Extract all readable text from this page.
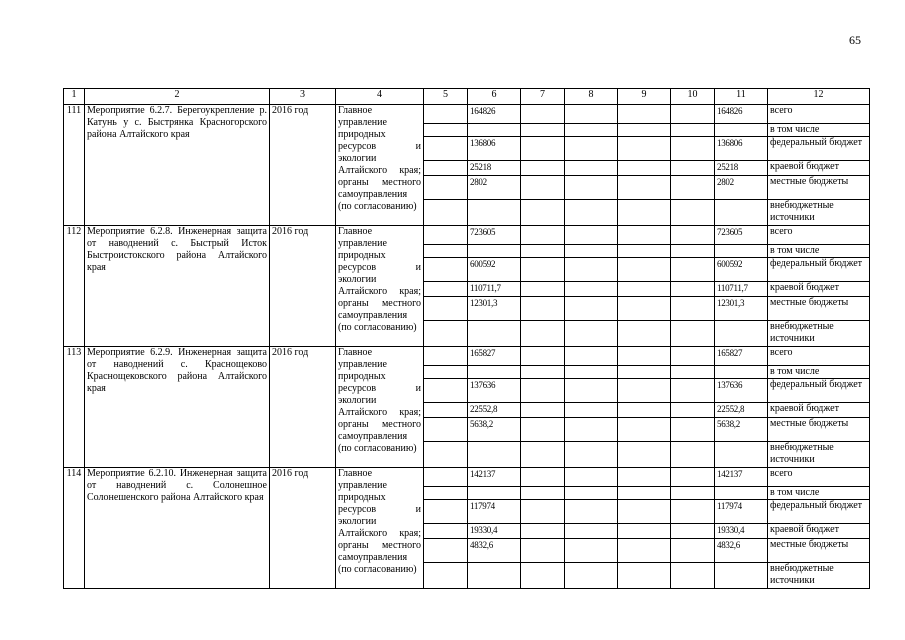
65
1	2	3	4	5	6	7	8	9	10	11	12
111	Мероприятие 6.2.7. Берегоукрепление р. Катунь у с. Быстрянка Красногорского района Алтайского края	2016 год	Главное управление природных ресурсов и экологии Алтайского края; органы местного самоуправления (по согласованию)		164826					164826	всего
											в том числе
					136806					136806	федеральный бюджет
					25218					25218	краевой бюджет
					2802					2802	местные бюджеты
											внебюджетные источники
112	Мероприятие 6.2.8. Инженерная защита от наводнений с. Быстрый Исток Быстроистокского района Алтайского края	2016 год	Главное управление природных ресурсов и экологии Алтайского края; органы местного самоуправления (по согласованию)		723605					723605	всего
											в том числе
					600592					600592	федеральный бюджет
					110711,7					110711,7	краевой бюджет
					12301,3					12301,3	местные бюджеты
											внебюджетные источники
113	Мероприятие 6.2.9. Инженерная защита от наводнений с. Краснощеково Краснощековского района Алтайского края	2016 год	Главное управление природных ресурсов и экологии Алтайского края; органы местного самоуправления (по согласованию)		165827					165827	всего
											в том числе
					137636					137636	федеральный бюджет
					22552,8					22552,8	краевой бюджет
					5638,2					5638,2	местные бюджеты
											внебюджетные источники
114	Мероприятие 6.2.10. Инженерная защита от наводнений с. Солонешное Солонешенского района Алтайского края	2016 год	Главное управление природных ресурсов и экологии Алтайского края; органы местного самоуправления (по согласованию)		142137					142137	всего
											в том числе
					117974					117974	федеральный бюджет
					19330,4					19330,4	краевой бюджет
					4832,6					4832,6	местные бюджеты
											внебюджетные источники
